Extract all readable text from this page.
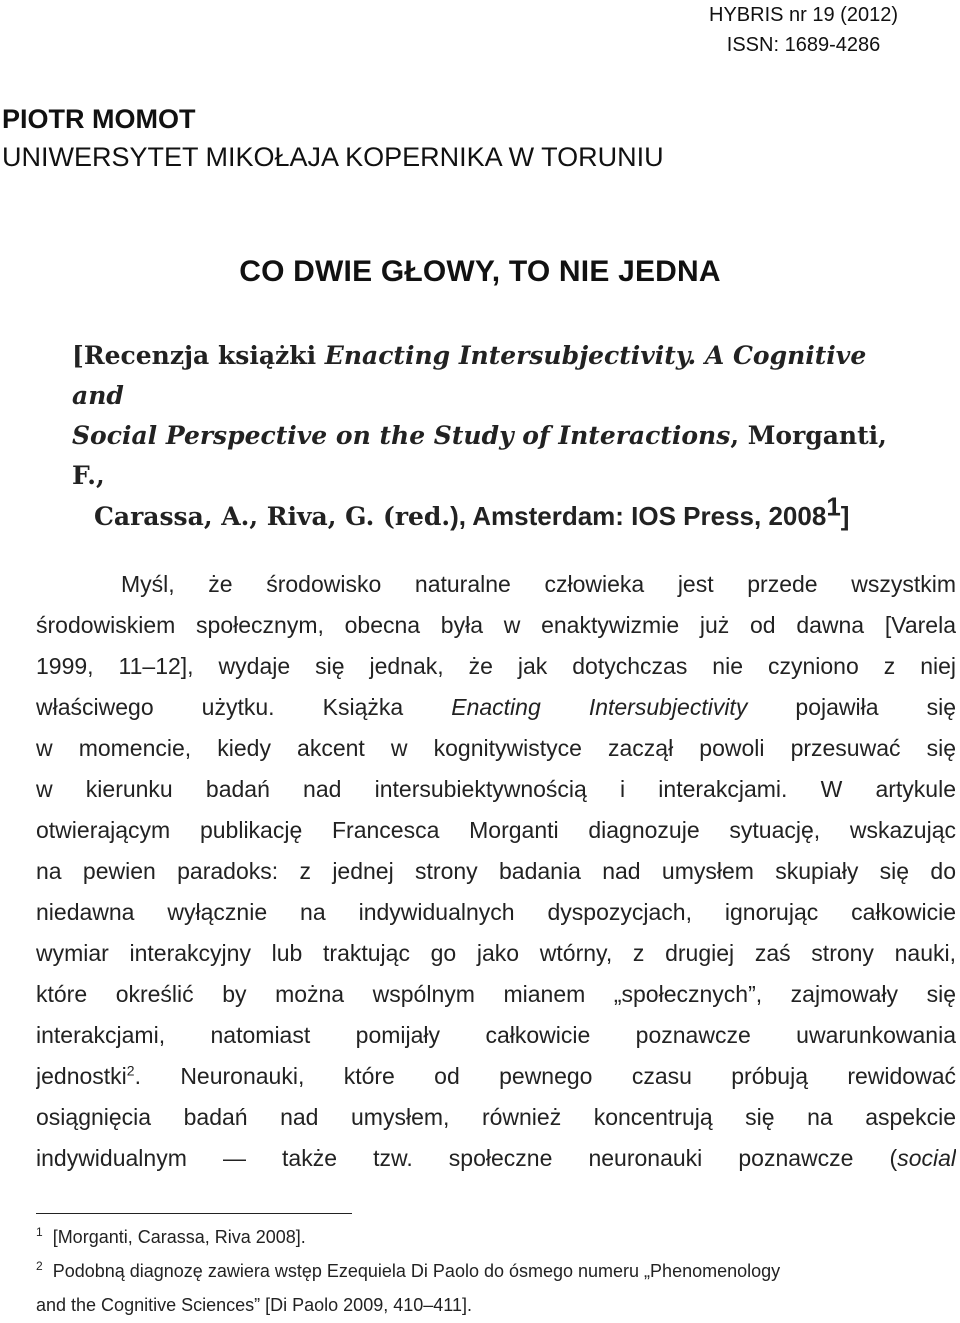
HYBRIS nr 19 (2012)
ISSN: 1689-4286
PIOTR MOMOT
UNIWERSYTET MIKOŁAJA KOPERNIKA W TORUNIU
CO DWIE GŁOWY, TO NIE JEDNA
[Recenzja książki Enacting Intersubjectivity. A Cognitive and
Social Perspective on the Study of Interactions, Morganti, F.,
Carassa, A., Riva, G. (red.), Amsterdam: IOS Press, 2008$^1$]
Myśl, że środowisko naturalne człowieka jest przede wszystkim
środowiskiem społecznym, obecna była w enaktywizmie już od dawna [Varela
1999, 11–12], wydaje się jednak, że jak dotychczas nie czyniono z niej
właściwego użytku. Książka Enacting Intersubjectivity pojawiła się
w momencie, kiedy akcent w kognitywistyce zaczął powoli przesuwać się
w kierunku badań nad intersubiektywnością i interakcjami. W artykule
otwierającym publikację Francesca Morganti diagnozuje sytuację, wskazując
na pewien paradoks: z jednej strony badania nad umysłem skupiały się do
niedawna wyłącznie na indywidualnych dyspozycjach, ignorując całkowicie
wymiar interakcyjny lub traktując go jako wtórny, z drugiej zaś strony nauki,
które określić by można wspólnym mianem „społecznych”, zajmowały się
interakcjami, natomiast pomijały całkowicie poznawcze uwarunkowania
jednostki$^2$. Neuronauki, które od pewnego czasu próbują rewidować
osiągnięcia badań nad umysłem, również koncentrują się na aspekcie
indywidualnym — także tzw. społeczne neuronauki poznawcze (social
$^1$ [Morganti, Carassa, Riva 2008].
$^2$ Podobną diagnozę zawiera wstęp Ezequiela Di Paolo do ósmego numeru „Phenomenology
and the Cognitive Sciences” [Di Paolo 2009, 410–411].
